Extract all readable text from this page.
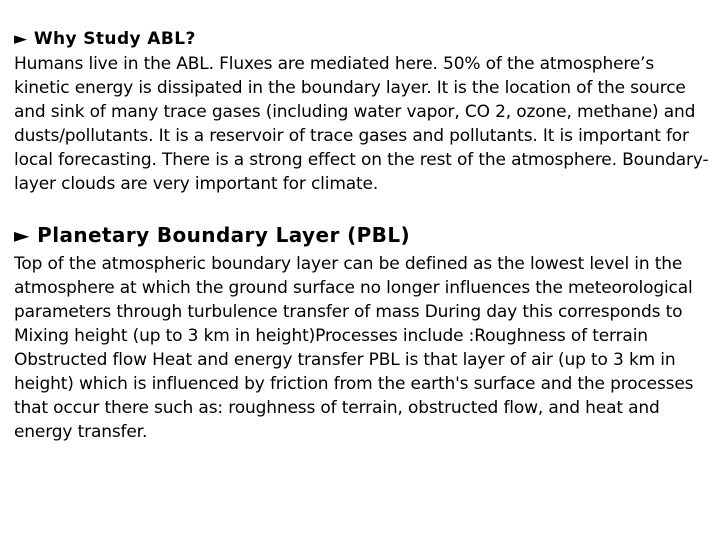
► Why Study ABL?

Humans live in the ABL. Fluxes are mediated here. 50% of the atmosphere’s kinetic energy is dissipated in the boundary layer. It is the location of the source and sink of many trace gases (including water vapor, CO 2, ozone, methane) and dusts/pollutants. It is a reservoir of trace gases and pollutants. It is important for local forecasting. There is a strong effect on the rest of the atmosphere. Boundary-layer clouds are very important for climate.

► Planetary Boundary Layer (PBL)

Top of the atmospheric boundary layer can be defined as the lowest level in the atmosphere at which the ground surface no longer influences the meteorological parameters through turbulence transfer of mass During day this corresponds to Mixing height (up to 3 km in height)Processes include :Roughness of terrain Obstructed flow Heat and energy transfer PBL is that layer of air (up to 3 km in height) which is influenced by friction from the earth's surface and the processes that occur there such as: roughness of terrain, obstructed flow, and heat and energy transfer.
